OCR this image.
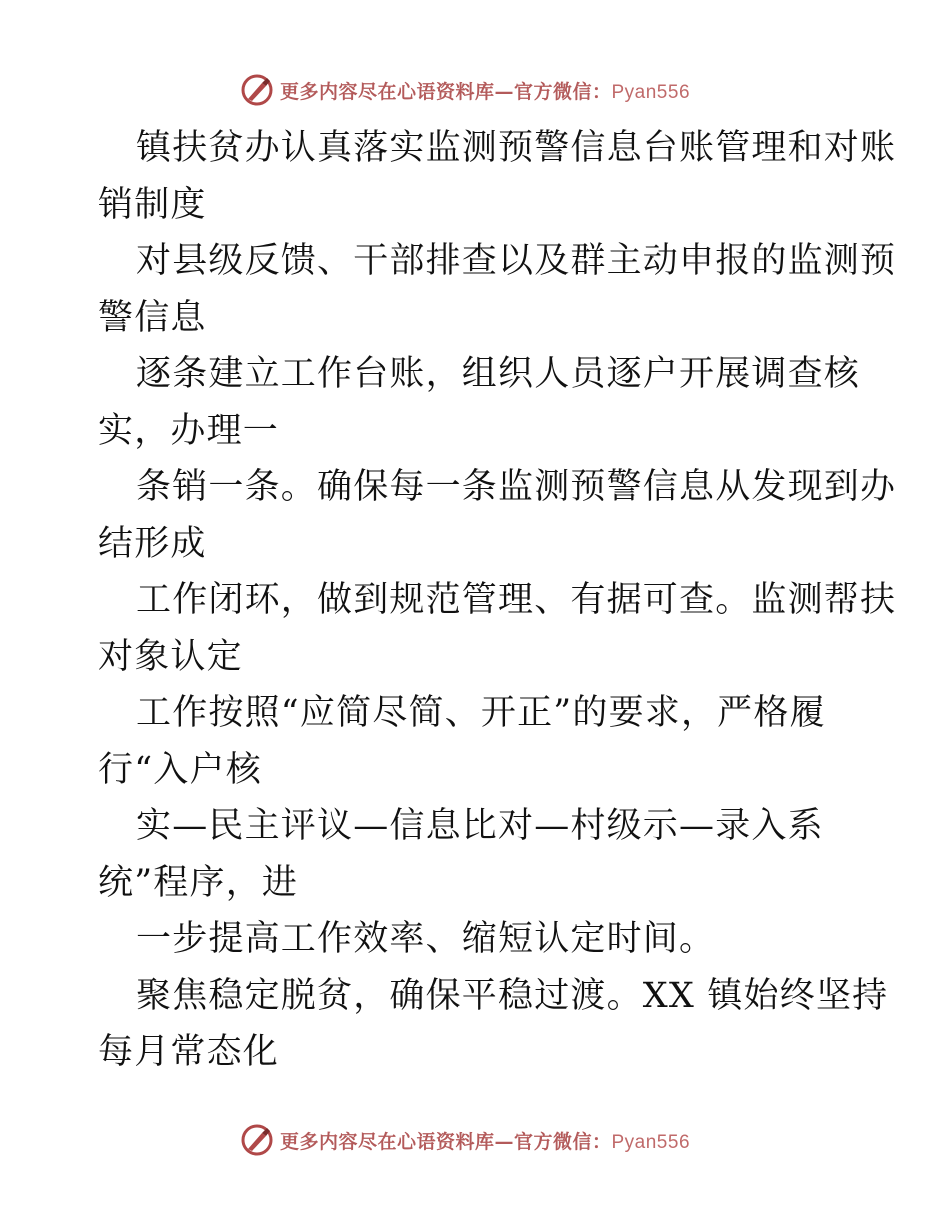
更多内容尽在心语资料库—官方微信：Pyan556
镇扶贫办认真落实监测预警信息台账管理和对账
销制度
对县级反馈、干部排查以及群主动申报的监测预
警信息
逐条建立工作台账，组织人员逐户开展调查核
实，办理一
条销一条。确保每一条监测预警信息从发现到办
结形成
工作闭环，做到规范管理、有据可查。监测帮扶
对象认定
工作按照“应简尽简、开正”的要求，严格履
行“入户核
实—民主评议—信息比对—村级示—录入系
统”程序，进
一步提高工作效率、缩短认定时间。
聚焦稳定脱贫，确保平稳过渡。XX 镇始终坚持
每月常态化
更多内容尽在心语资料库—官方微信：Pyan556
